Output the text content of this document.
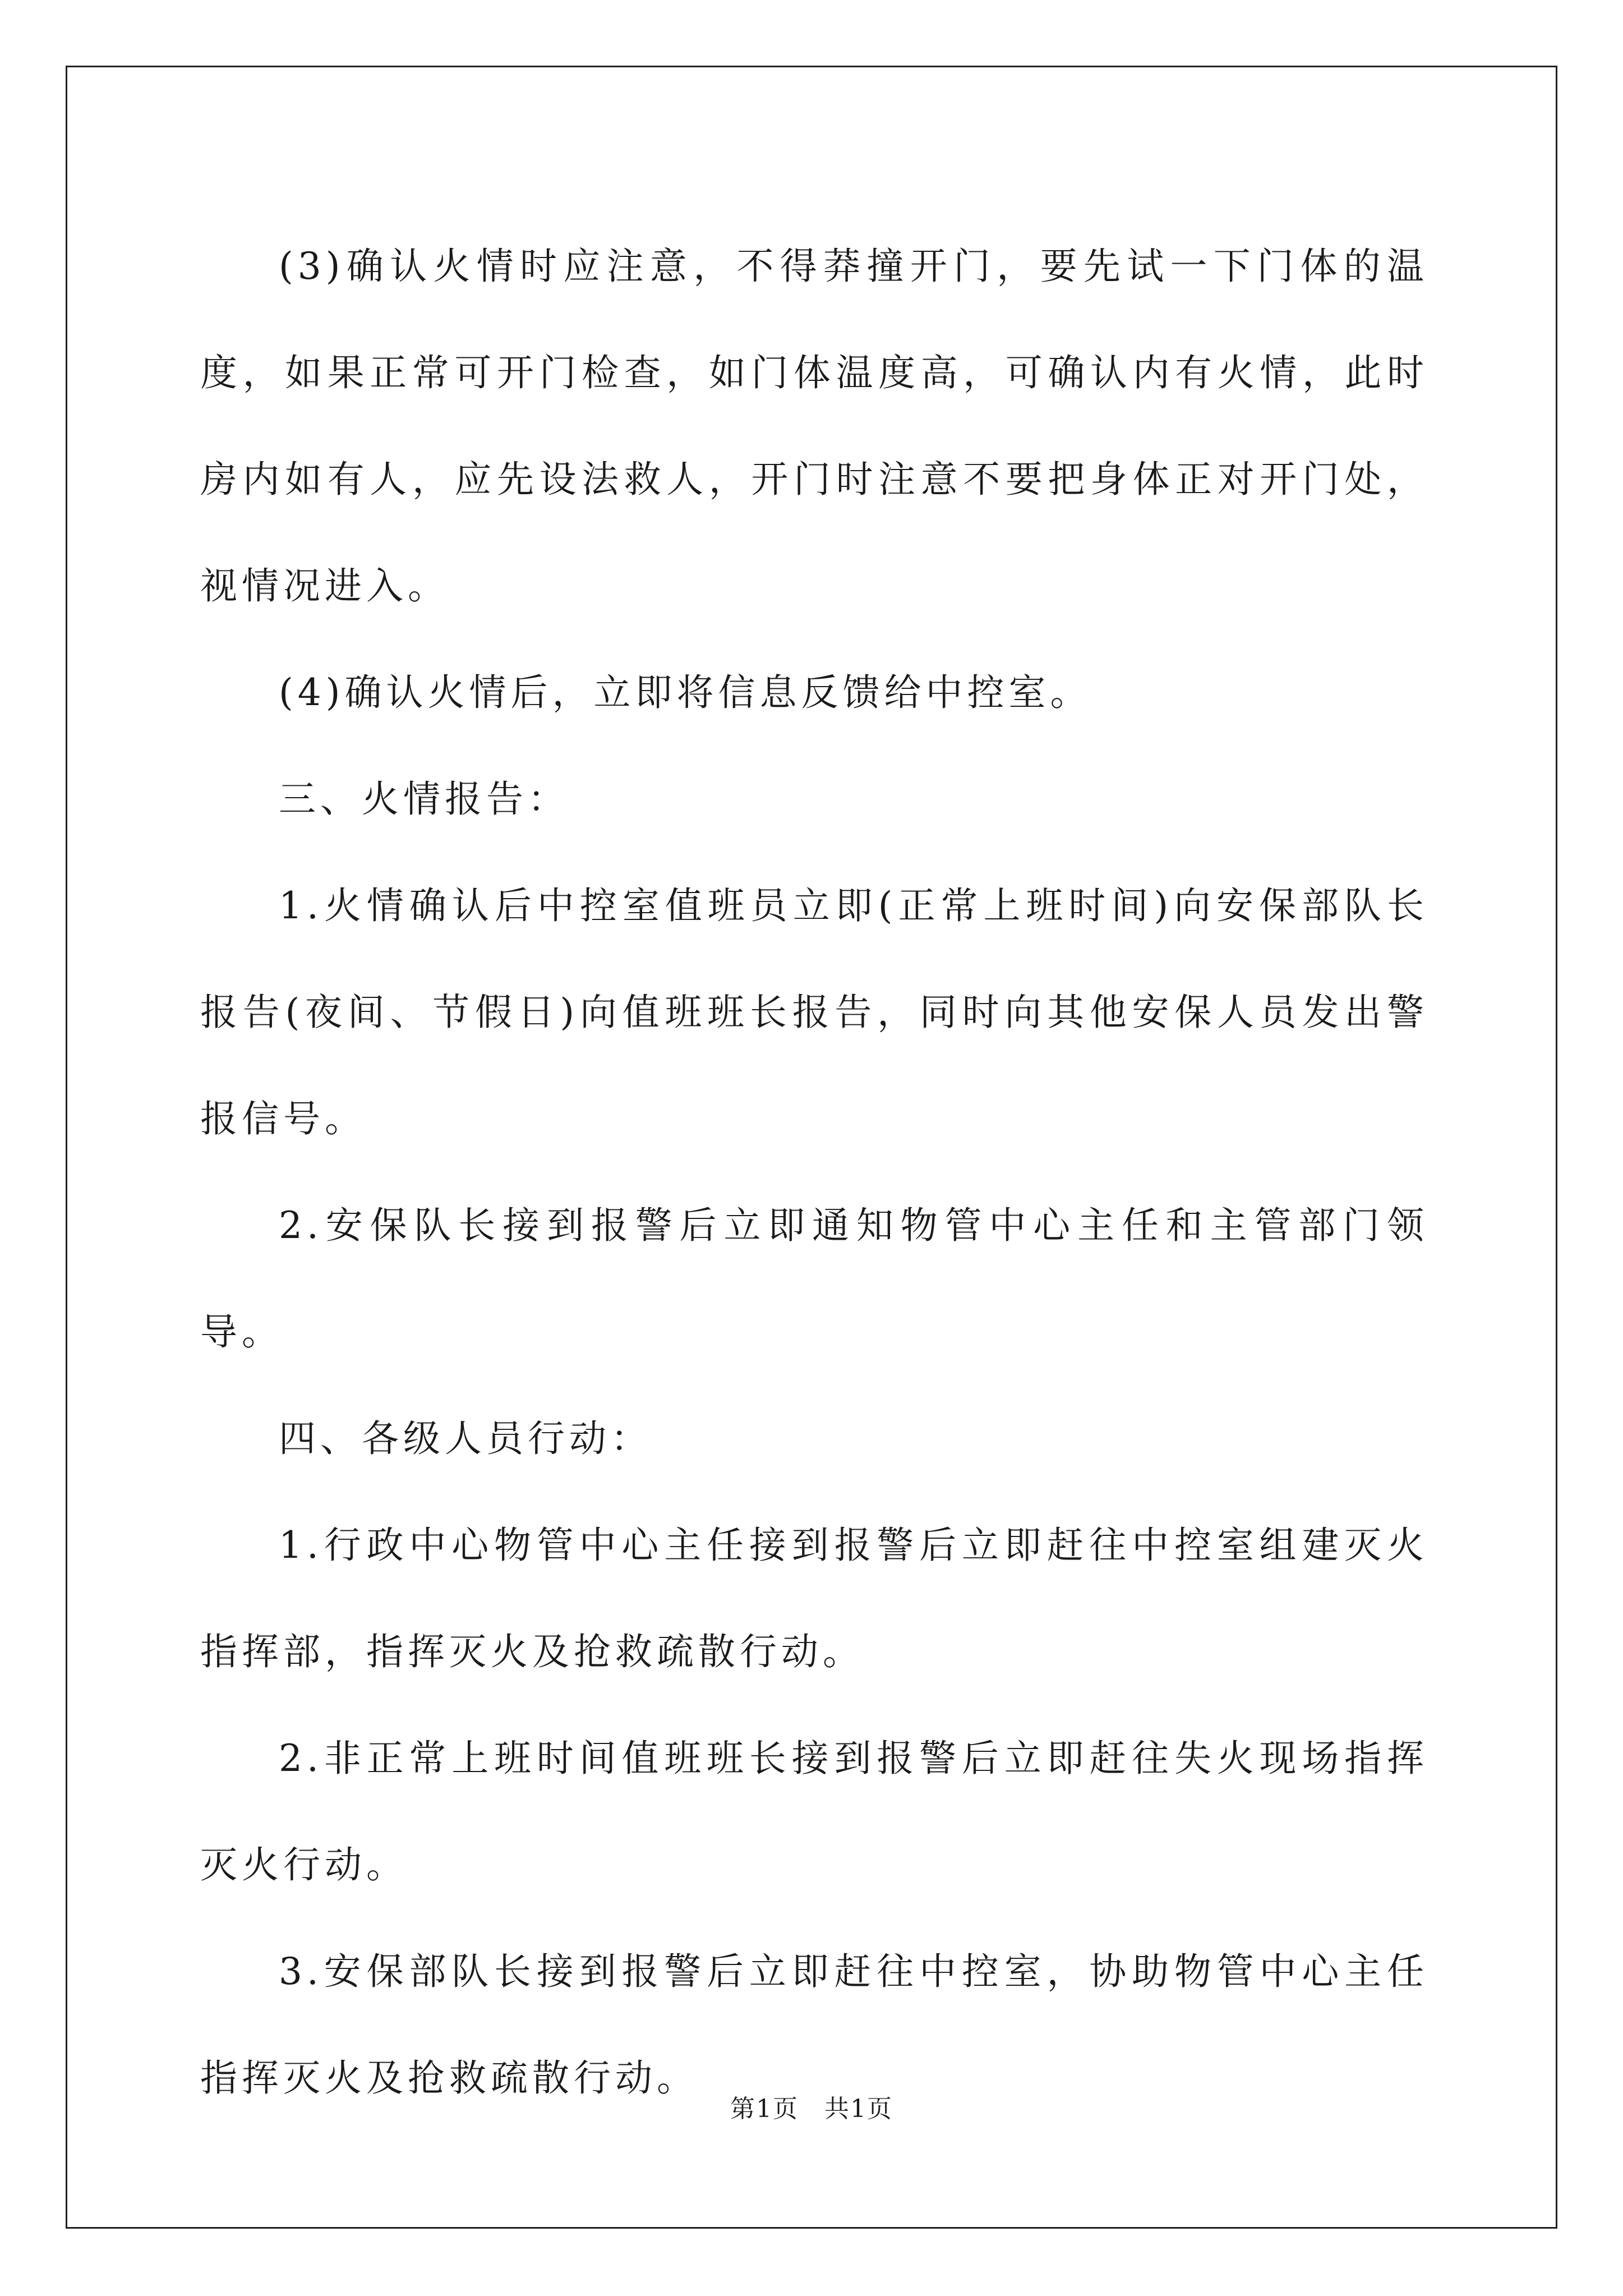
(3)确认火情时应注意，不得莽撞开门，要先试一下门体的温度，如果正常可开门检查，如门体温度高，可确认内有火情，此时房内如有人，应先设法救人，开门时注意不要把身体正对开门处，视情况进入。

(4)确认火情后，立即将信息反馈给中控室。

三、火情报告：

1.火情确认后中控室值班员立即(正常上班时间)向安保部队长报告(夜间、节假日)向值班班长报告，同时向其他安保人员发出警报信号。

2.安保队长接到报警后立即通知物管中心主任和主管部门领导。

四、各级人员行动：

1.行政中心物管中心主任接到报警后立即赶往中控室组建灭火指挥部，指挥灭火及抢救疏散行动。

2.非正常上班时间值班班长接到报警后立即赶往失火现场指挥灭火行动。

3.安保部队长接到报警后立即赶往中控室，协助物管中心主任指挥灭火及抢救疏散行动。

第1页　共1页
